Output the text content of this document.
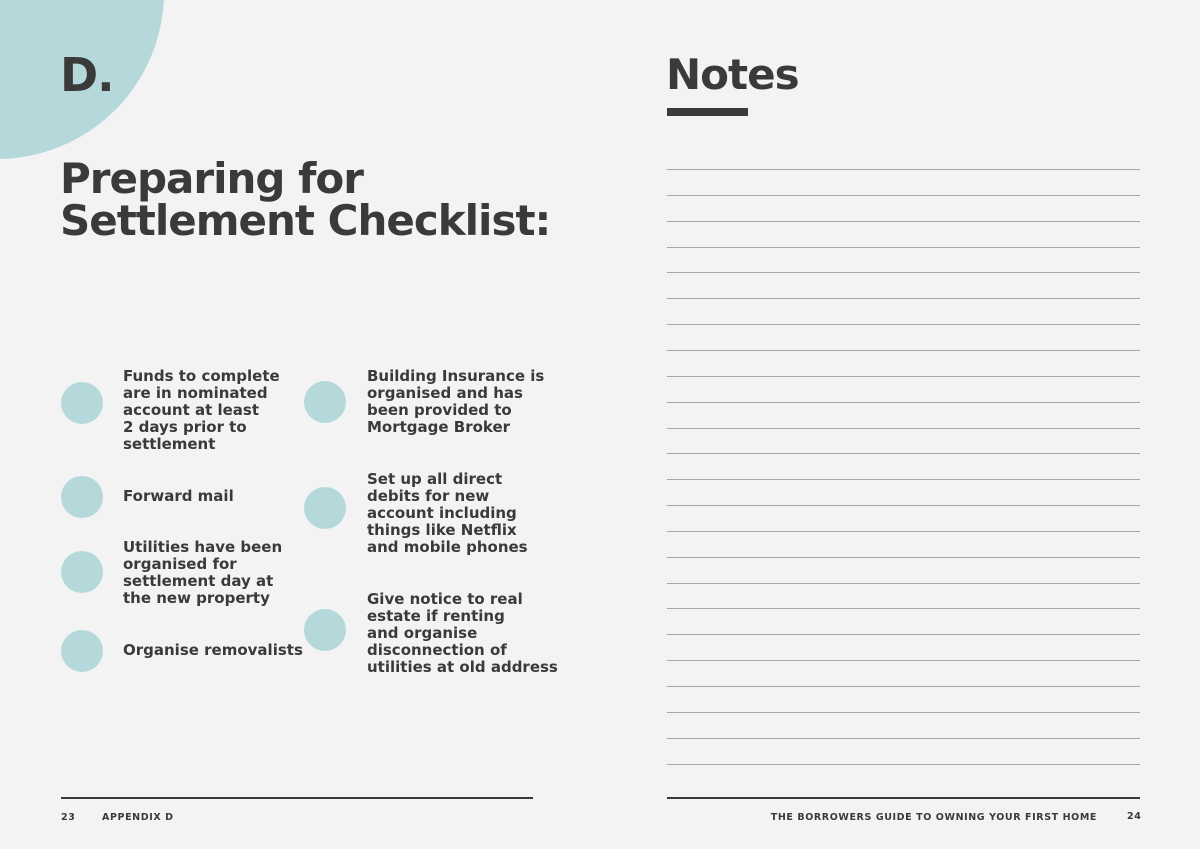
D.
Preparing for
Settlement Checklist:
Funds to complete
are in nominated
account at least
2 days prior to
settlement
Forward mail
Utilities have been
organised for
settlement day at
the new property
Organise removalists
Building Insurance is
organised and has
been provided to
Mortgage Broker
Set up all direct
debits for new
account including
things like Netflix
and mobile phones
Give notice to real
estate if renting
and organise
disconnection of
utilities at old address
23	APPENDIX D
Notes
THE BORROWERS GUIDE TO OWNING YOUR FIRST HOME	24
